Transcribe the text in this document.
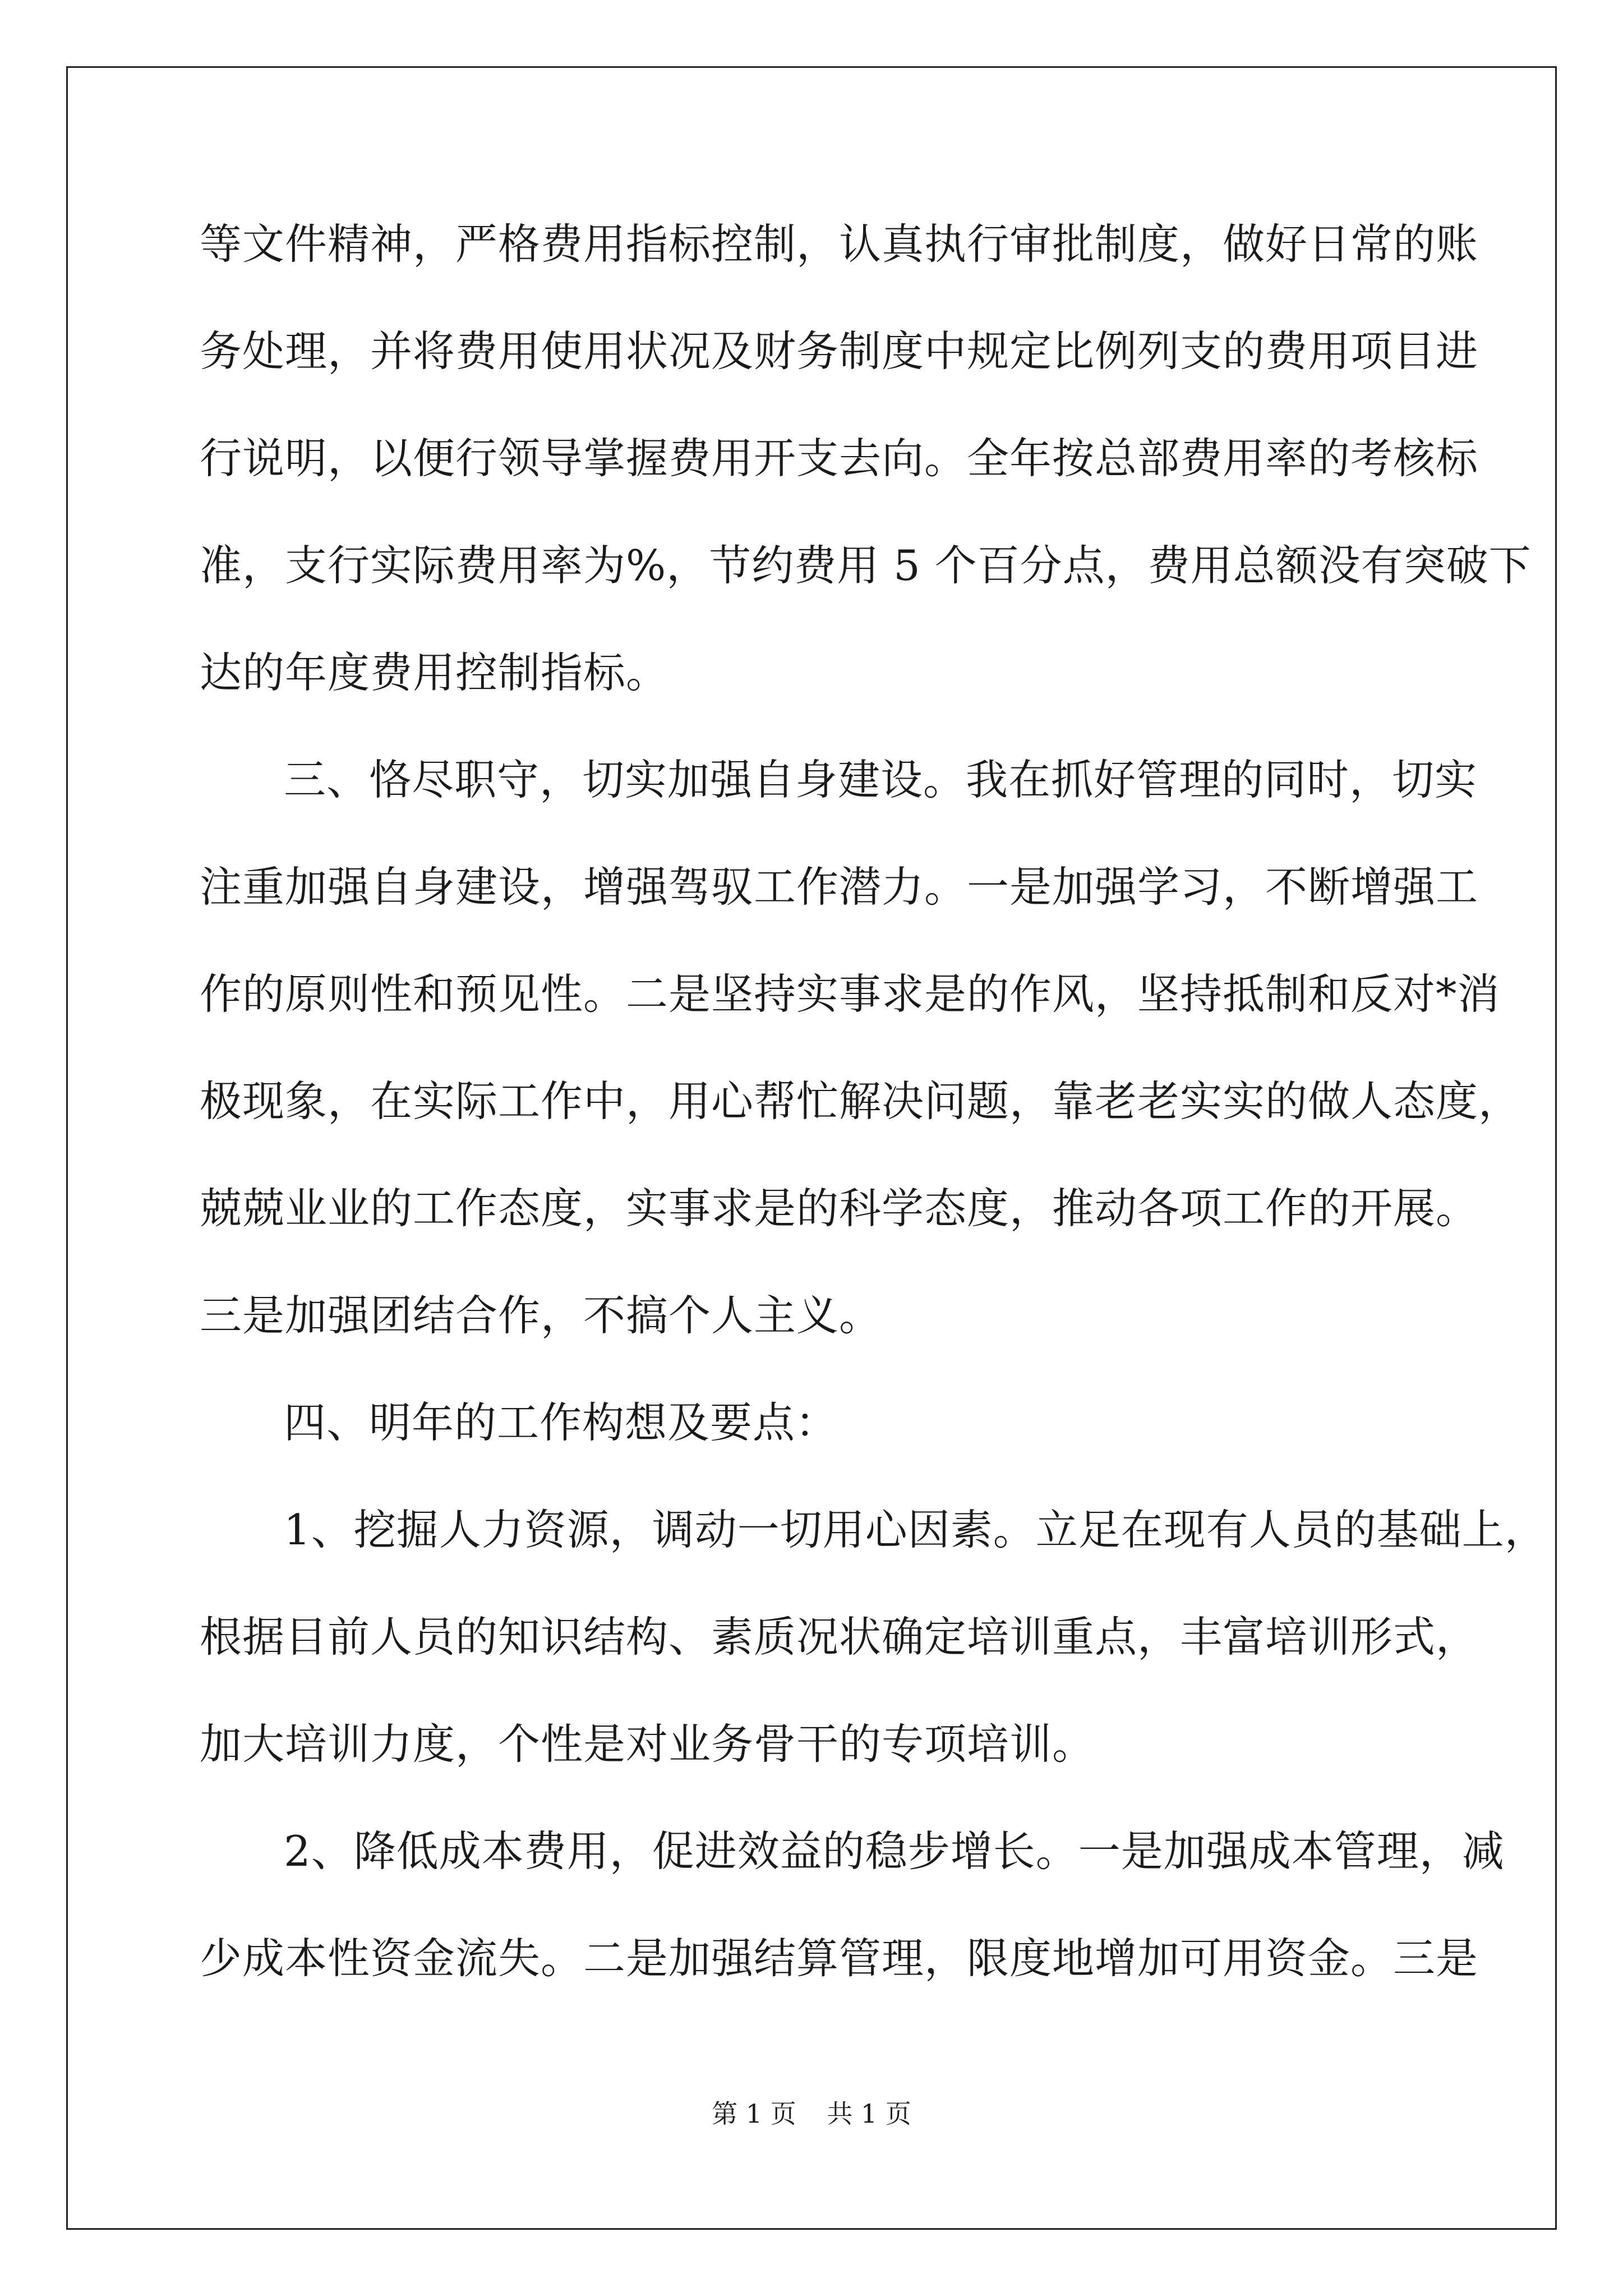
等文件精神，严格费用指标控制，认真执行审批制度，做好日常的账
务处理，并将费用使用状况及财务制度中规定比例列支的费用项目进
行说明，以便行领导掌握费用开支去向。全年按总部费用率的考核标
准，支行实际费用率为%，节约费用 5 个百分点，费用总额没有突破下
达的年度费用控制指标。
三、恪尽职守，切实加强自身建设。我在抓好管理的同时，切实
注重加强自身建设，增强驾驭工作潜力。一是加强学习，不断增强工
作的原则性和预见性。二是坚持实事求是的作风，坚持抵制和反对*消
极现象，在实际工作中，用心帮忙解决问题，靠老老实实的做人态度，
兢兢业业的工作态度，实事求是的科学态度，推动各项工作的开展。
三是加强团结合作，不搞个人主义。
四、明年的工作构想及要点：
1、挖掘人力资源，调动一切用心因素。立足在现有人员的基础上，
根据目前人员的知识结构、素质况状确定培训重点，丰富培训形式，
加大培训力度，个性是对业务骨干的专项培训。
2、降低成本费用，促进效益的稳步增长。一是加强成本管理，减
少成本性资金流失。二是加强结算管理，限度地增加可用资金。三是
第 1 页 共 1 页
